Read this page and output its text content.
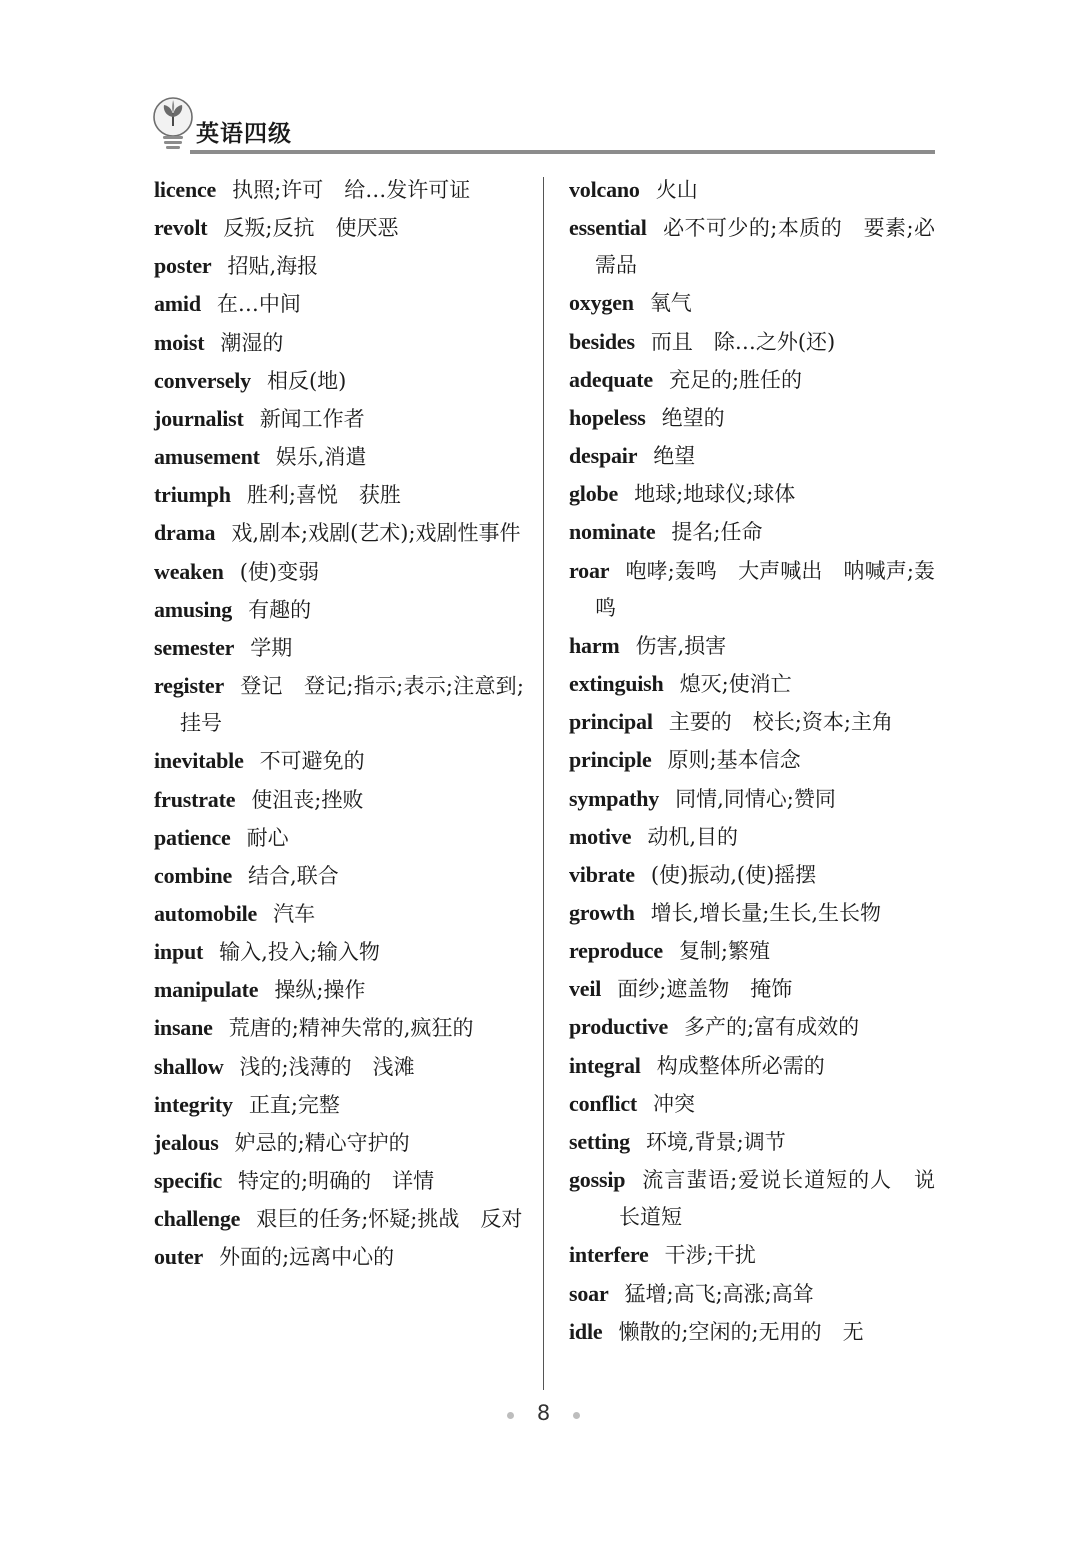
英语四级
licence 执照;许可　给…发许可证
revolt 反叛;反抗　使厌恶
poster 招贴,海报
amid 在…中间
moist 潮湿的
conversely 相反(地)
journalist 新闻工作者
amusement 娱乐,消遣
triumph 胜利;喜悦　获胜
drama 戏,剧本;戏剧(艺术);戏剧性事件
weaken (使)变弱
amusing 有趣的
semester 学期
register 登记　登记;指示;表示;注意到;挂号
inevitable 不可避免的
frustrate 使沮丧;挫败
patience 耐心
combine 结合,联合
automobile 汽车
input 输入,投入;输入物
manipulate 操纵;操作
insane 荒唐的;精神失常的,疯狂的
shallow 浅的;浅薄的　浅滩
integrity 正直;完整
jealous 妒忌的;精心守护的
specific 特定的;明确的　详情
challenge 艰巨的任务;怀疑;挑战　反对
outer 外面的;远离中心的
volcano 火山
essential 必不可少的;本质的　要素;必需品
oxygen 氧气
besides 而且　除…之外(还)
adequate 充足的;胜任的
hopeless 绝望的
despair 绝望
globe 地球;地球仪;球体
nominate 提名;任命
roar 咆哮;轰鸣　大声喊出　呐喊声;轰鸣
harm 伤害,损害
extinguish 熄灭;使消亡
principal 主要的　校长;资本;主角
principle 原则;基本信念
sympathy 同情,同情心;赞同
motive 动机,目的
vibrate (使)振动,(使)摇摆
growth 增长,增长量;生长,生长物
reproduce 复制;繁殖
veil 面纱;遮盖物　掩饰
productive 多产的;富有成效的
integral 构成整体所必需的
conflict 冲突
setting 环境,背景;调节
gossip 流言蜚语;爱说长道短的人　说长道短
interfere 干涉;干扰
soar 猛增;高飞;高涨;高耸
idle 懒散的;空闲的;无用的　无
8
